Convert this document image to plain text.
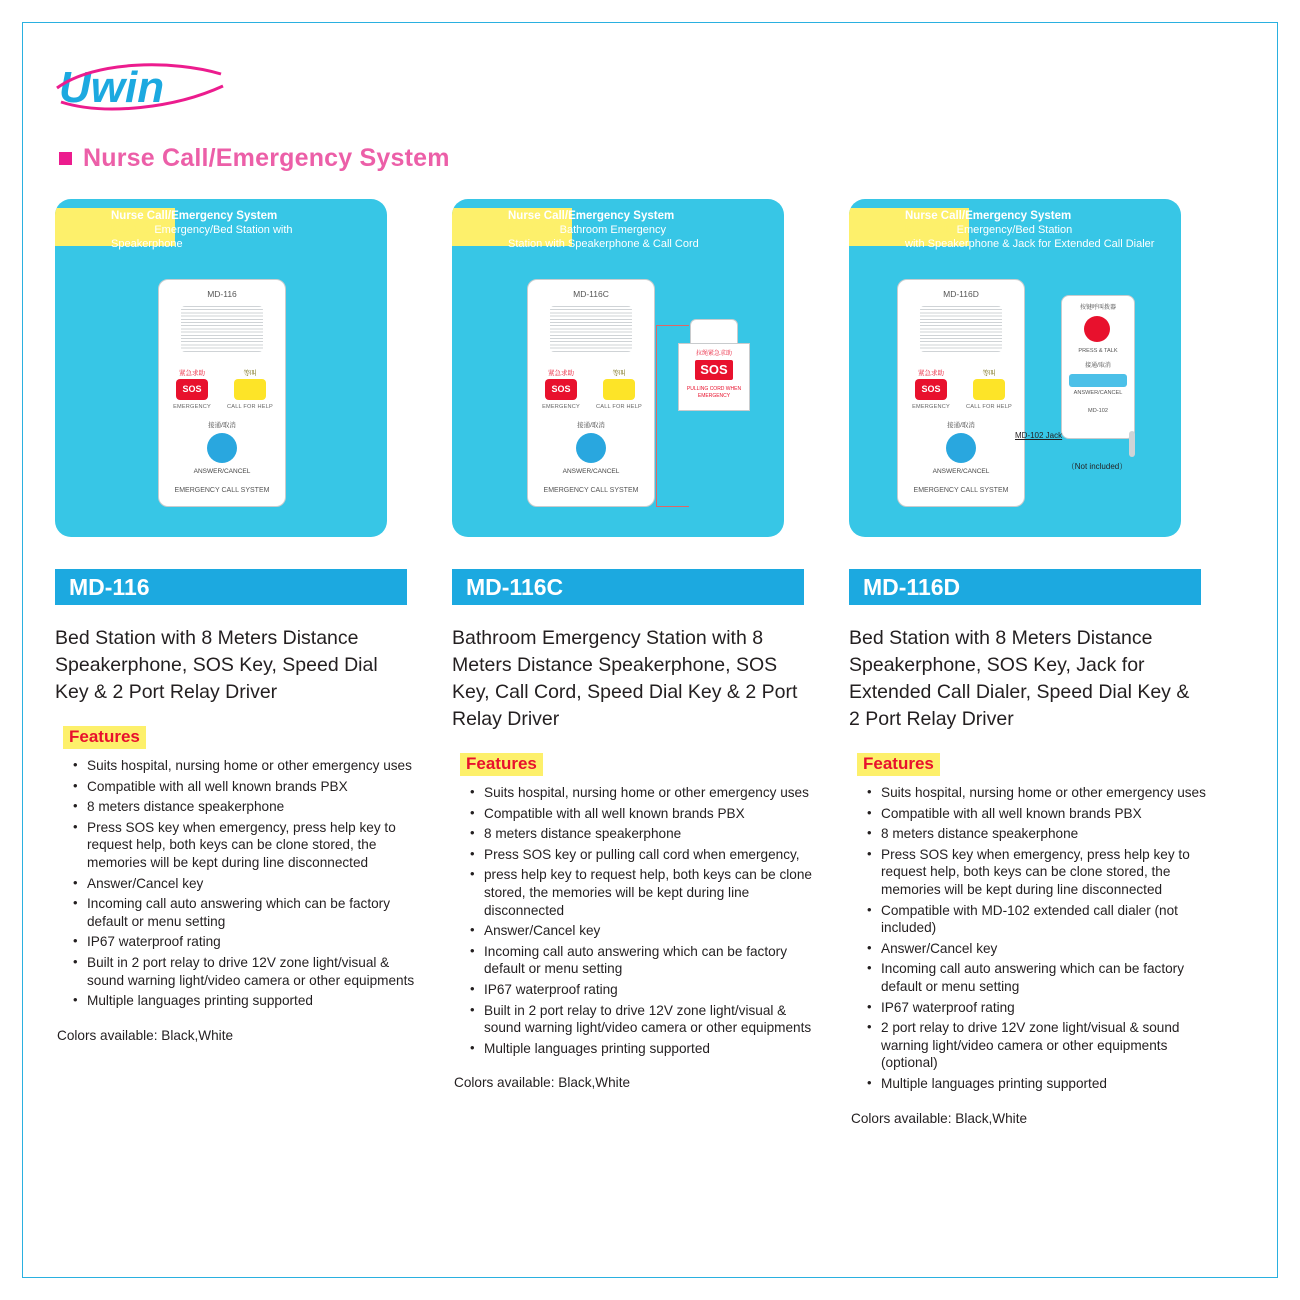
Uwin
Nurse Call/Emergency System
Nurse Call/Emergency System
MD-116 Emergency/Bed Station with
Speakerphone
MD-116
紧急求助	等叫
SOS
EMERGENCY	CALL FOR HELP
接通/取消
ANSWER/CANCEL
EMERGENCY CALL SYSTEM
MD-116
Bed Station with 8 Meters Distance Speakerphone, SOS Key, Speed Dial Key & 2 Port Relay Driver
Features
• Suits hospital, nursing home or other emergency uses
• Compatible with all well known brands PBX
• 8 meters distance speakerphone
• Press SOS key when emergency, press help key to request help, both keys can be clone stored, the memories will be kept during line disconnected
• Answer/Cancel key
• Incoming call auto answering which can be factory default or menu setting
• IP67 waterproof rating
• Built in 2 port relay to drive 12V zone light/visual & sound warning light/video camera or other equipments
• Multiple languages printing supported
Colors available: Black,White
Nurse Call/Emergency System
MD-116C Bathroom Emergency
Station with Speakerphone & Call Cord
MD-116C
紧急求助	等叫
SOS
EMERGENCY	CALL FOR HELP
接通/取消
ANSWER/CANCEL
EMERGENCY CALL SYSTEM
拉绳紧急求助
SOS
PULLING CORD WHEN EMERGENCY
MD-116C
Bathroom Emergency Station with 8 Meters Distance Speakerphone, SOS Key, Call Cord, Speed Dial Key & 2 Port Relay Driver
Features
• Suits hospital, nursing home or other emergency uses
• Compatible with all well known brands PBX
• 8 meters distance speakerphone
• Press SOS key or pulling call cord when emergency,
• press help key to request help, both keys can be clone stored, the memories will be kept during line disconnected
• Answer/Cancel key
• Incoming call auto answering which can be factory default or menu setting
• IP67 waterproof rating
• Built in 2 port relay to drive 12V zone light/visual & sound warning light/video camera or other equipments
• Multiple languages printing supported
Colors available: Black,White
Nurse Call/Emergency System
MD-116D Emergency/Bed Station
with Speakerphone & Jack for Extended Call Dialer
MD-116D
紧急求助	等叫
SOS
EMERGENCY	CALL FOR HELP
接通/取消
ANSWER/CANCEL
EMERGENCY CALL SYSTEM
按键呼叫拨器
PRESS & TALK
接通/取消
ANSWER/CANCEL
MD-102
MD-102 Jack
（Not included）
MD-116D
Bed Station with 8 Meters Distance Speakerphone, SOS Key, Jack for Extended Call Dialer, Speed Dial Key & 2 Port Relay Driver
Features
• Suits hospital, nursing home or other emergency uses
• Compatible with all well known brands PBX
• 8 meters distance speakerphone
• Press SOS key when emergency, press help key to request help, both keys can be clone stored, the memories will be kept during line disconnected
• Compatible with MD-102 extended call dialer (not included)
• Answer/Cancel key
• Incoming call auto answering which can be factory default or menu setting
• IP67 waterproof rating
• 2 port relay to drive 12V zone light/visual & sound warning light/video camera or other equipments (optional)
• Multiple languages printing supported
Colors available: Black,White
